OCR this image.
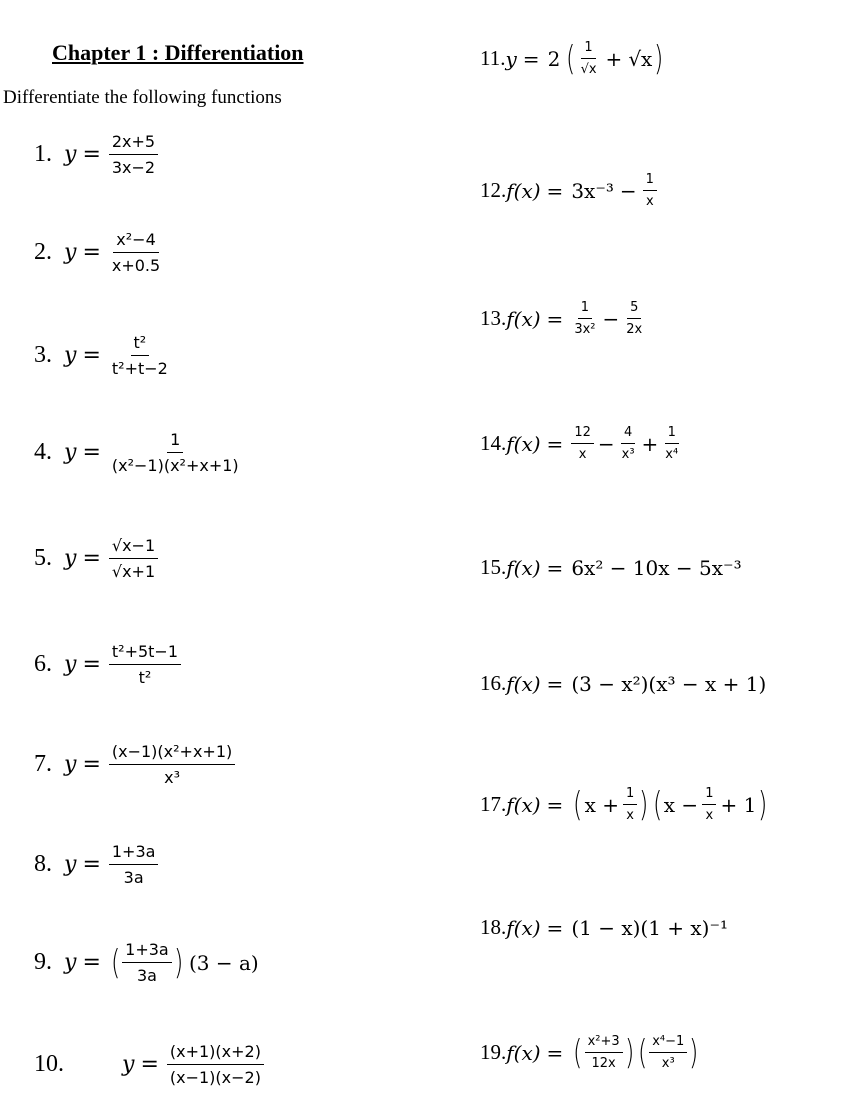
Chapter 1 : Differentiation
Differentiate the following functions
1. $y = \frac{2x+5}{3x-2}$
2. $y = \frac{\text{x²−4}}{x+0.5}$
3. $y = \frac{\text{t²}}{\text{t²+t−2}}$
4. $y = \frac{1}{\text{(x²−1)(x²+x+1)}}$
5. $y = \frac{√x-1}{√x+1}$
6. $y = \frac{\text{t²+5t−1}}{\text{t²}}$
7. $y = \frac{\text{(x−1)(x²+x+1)}}{\text{x³}}$
8. $y = \frac{1+3a}{3a}$
9. y = ( $\frac{1+3a}{3a}$ ) (3 − a)
10.	$y = \frac{(x+1)(x+2)}{(x-1)(x-2)}$
11. y = 2 ( $\frac{1}{√x} + √x$ )
12. $f(x) = 3x^{-3} - \frac{1}{x}$
13. $f(x) = \frac{1}{\text{3x²}} - \frac{5}{2x}$
14. $f(x) = \frac{12}{x} - \frac{4}{\text{x³}} + \frac{1}{\text{x⁴}}$
15. f(x) = 6x² − 10x − 5x⁻³
16. f(x) = (3 − x²)(x³ − x + 1)
17. f(x) = ( $x + \frac{1}{x}$ ) ( $x - \frac{1}{x} + 1$ )
18. f(x) = (1 − x)(1 + x)⁻¹
19. f(x) = ( $\frac{\text{x²+3}}{12x}$ ) ( $\frac{\text{x⁴−1}}{\text{x³}}$ )
